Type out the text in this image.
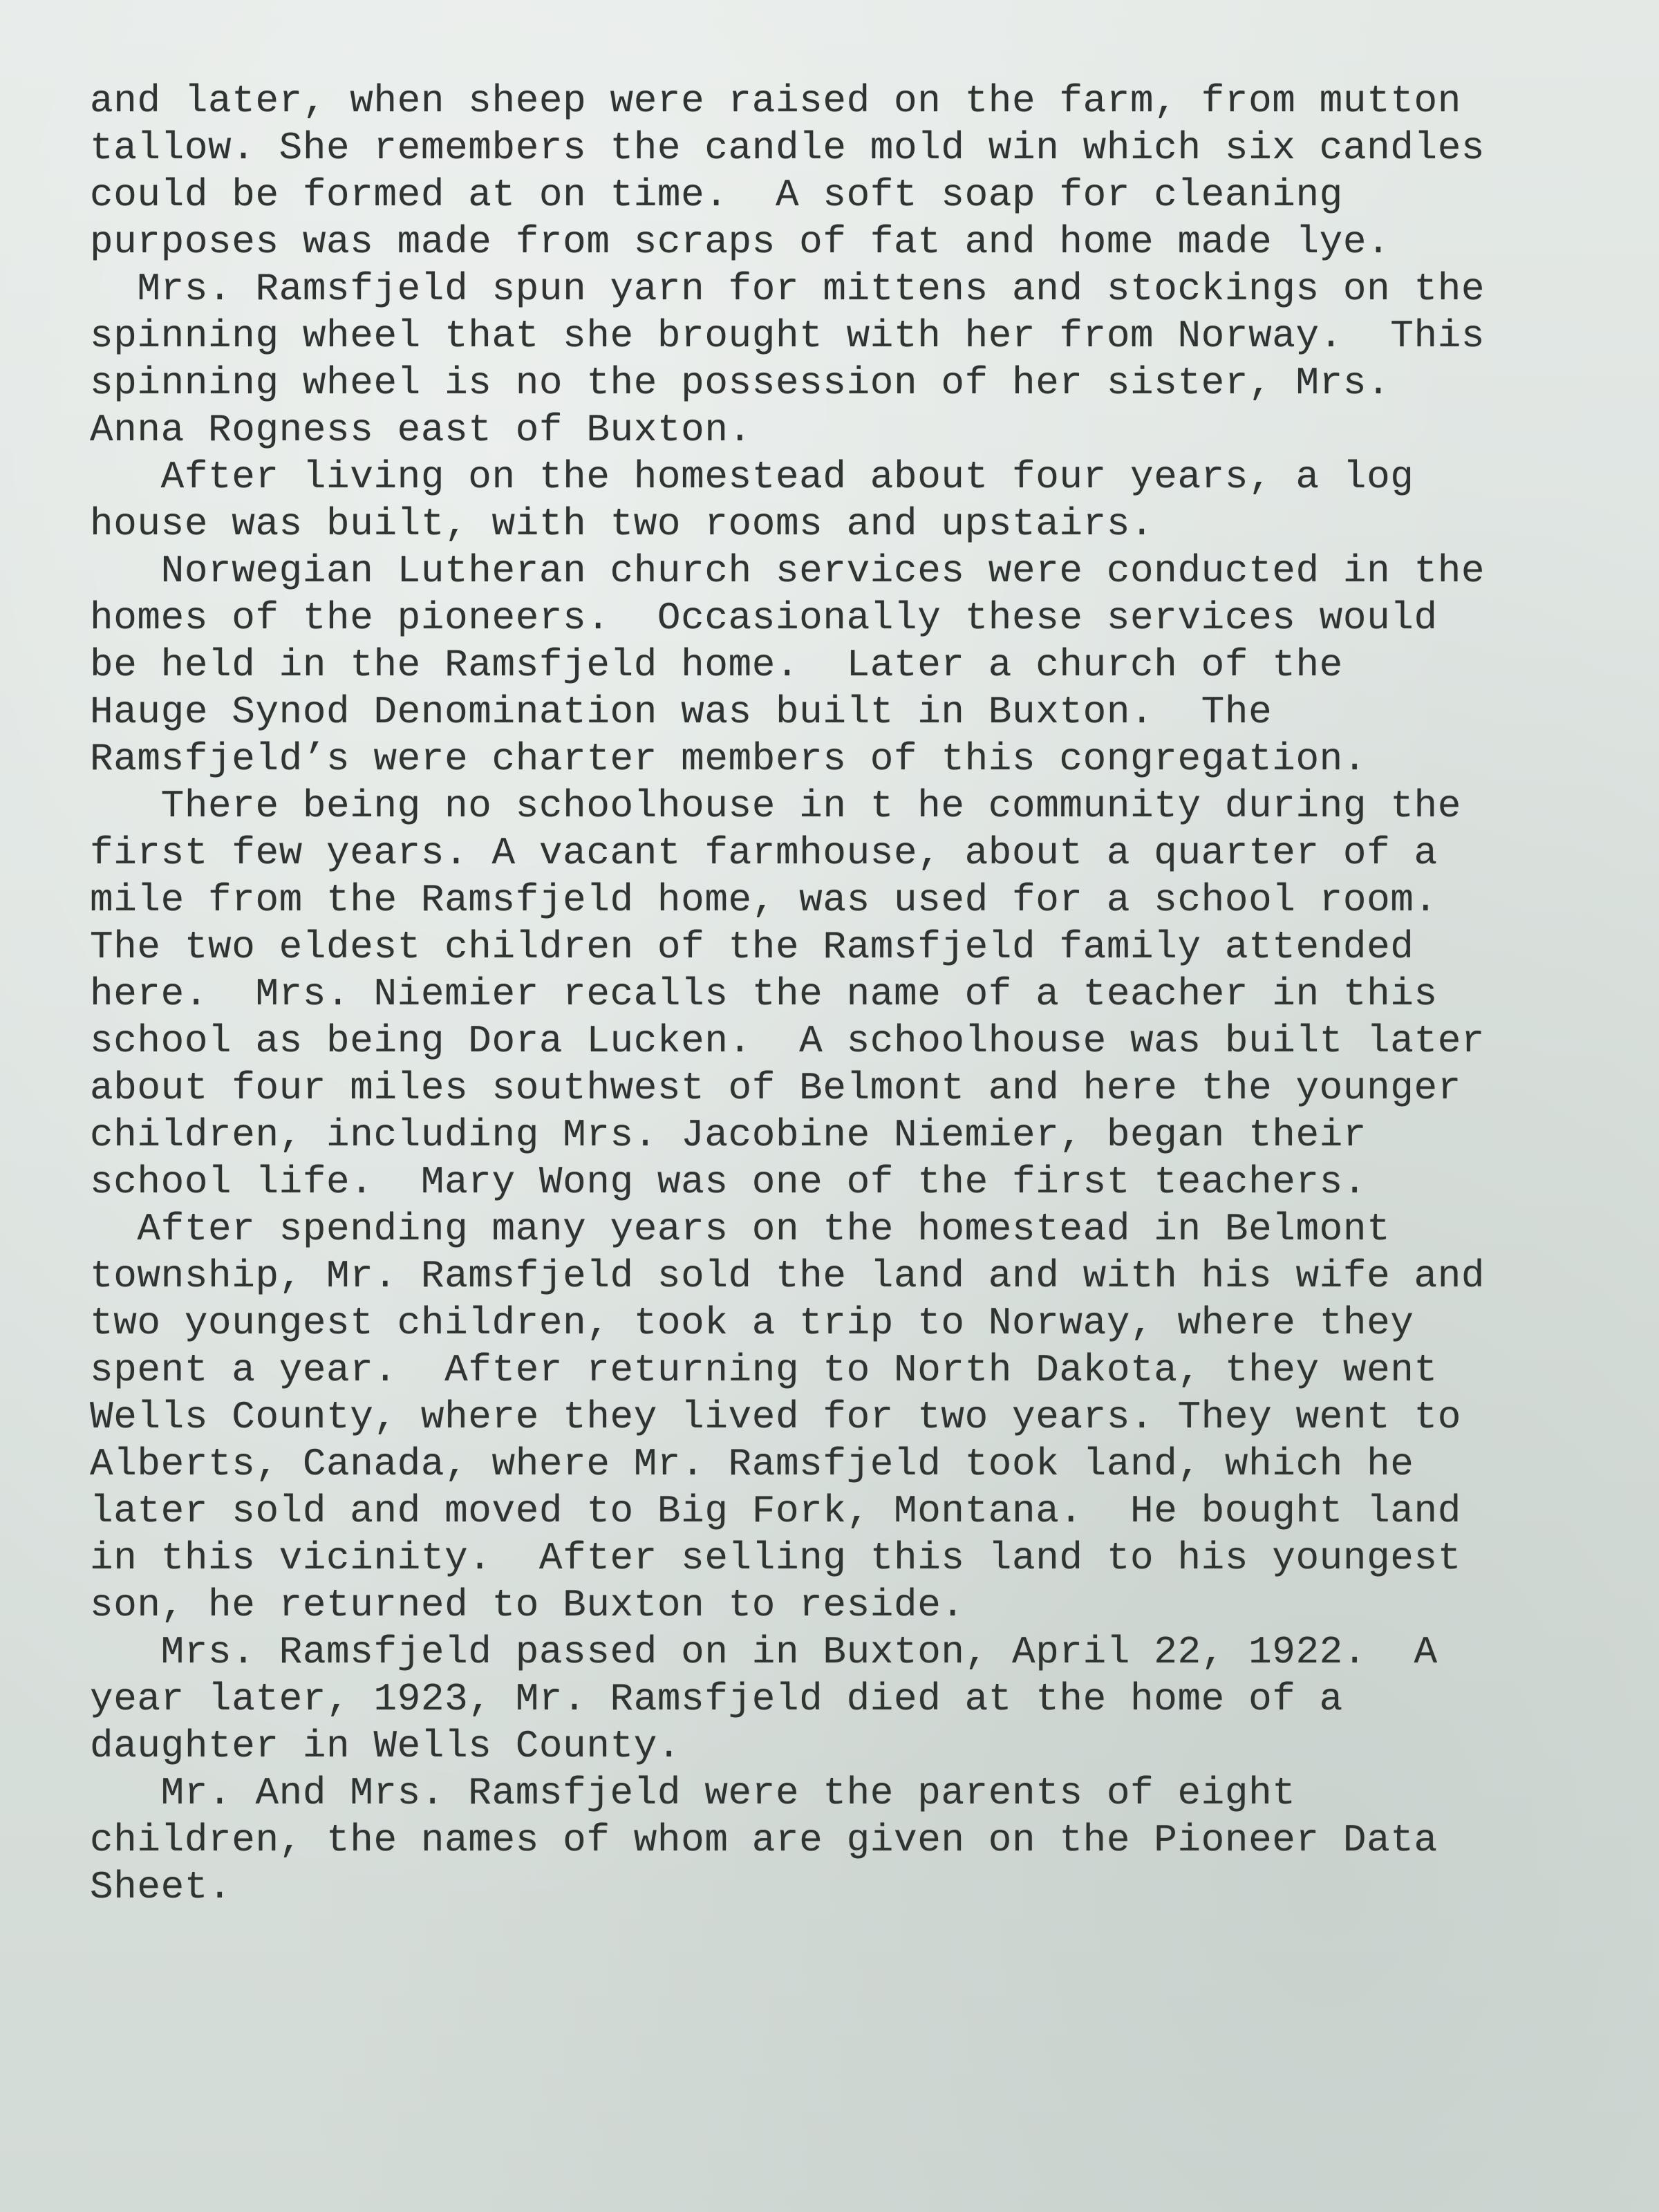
and later, when sheep were raised on the farm, from mutton
tallow. She remembers the candle mold win which six candles
could be formed at on time.  A soft soap for cleaning
purposes was made from scraps of fat and home made lye.
Mrs. Ramsfjeld spun yarn for mittens and stockings on the
spinning wheel that she brought with her from Norway.  This
spinning wheel is no the possession of her sister, Mrs.
Anna Rogness east of Buxton.
After living on the homestead about four years, a log
house was built, with two rooms and upstairs.
Norwegian Lutheran church services were conducted in the
homes of the pioneers.  Occasionally these services would
be held in the Ramsfjeld home.  Later a church of the
Hauge Synod Denomination was built in Buxton.  The
Ramsfjeld’s were charter members of this congregation.
There being no schoolhouse in t he community during the
first few years. A vacant farmhouse, about a quarter of a
mile from the Ramsfjeld home, was used for a school room.
The two eldest children of the Ramsfjeld family attended
here.  Mrs. Niemier recalls the name of a teacher in this
school as being Dora Lucken.  A schoolhouse was built later
about four miles southwest of Belmont and here the younger
children, including Mrs. Jacobine Niemier, began their
school life.  Mary Wong was one of the first teachers.
After spending many years on the homestead in Belmont
township, Mr. Ramsfjeld sold the land and with his wife and
two youngest children, took a trip to Norway, where they
spent a year.  After returning to North Dakota, they went
Wells County, where they lived for two years. They went to
Alberts, Canada, where Mr. Ramsfjeld took land, which he
later sold and moved to Big Fork, Montana.  He bought land
in this vicinity.  After selling this land to his youngest
son, he returned to Buxton to reside.
Mrs. Ramsfjeld passed on in Buxton, April 22, 1922.  A
year later, 1923, Mr. Ramsfjeld died at the home of a
daughter in Wells County.
Mr. And Mrs. Ramsfjeld were the parents of eight
children, the names of whom are given on the Pioneer Data
Sheet.
